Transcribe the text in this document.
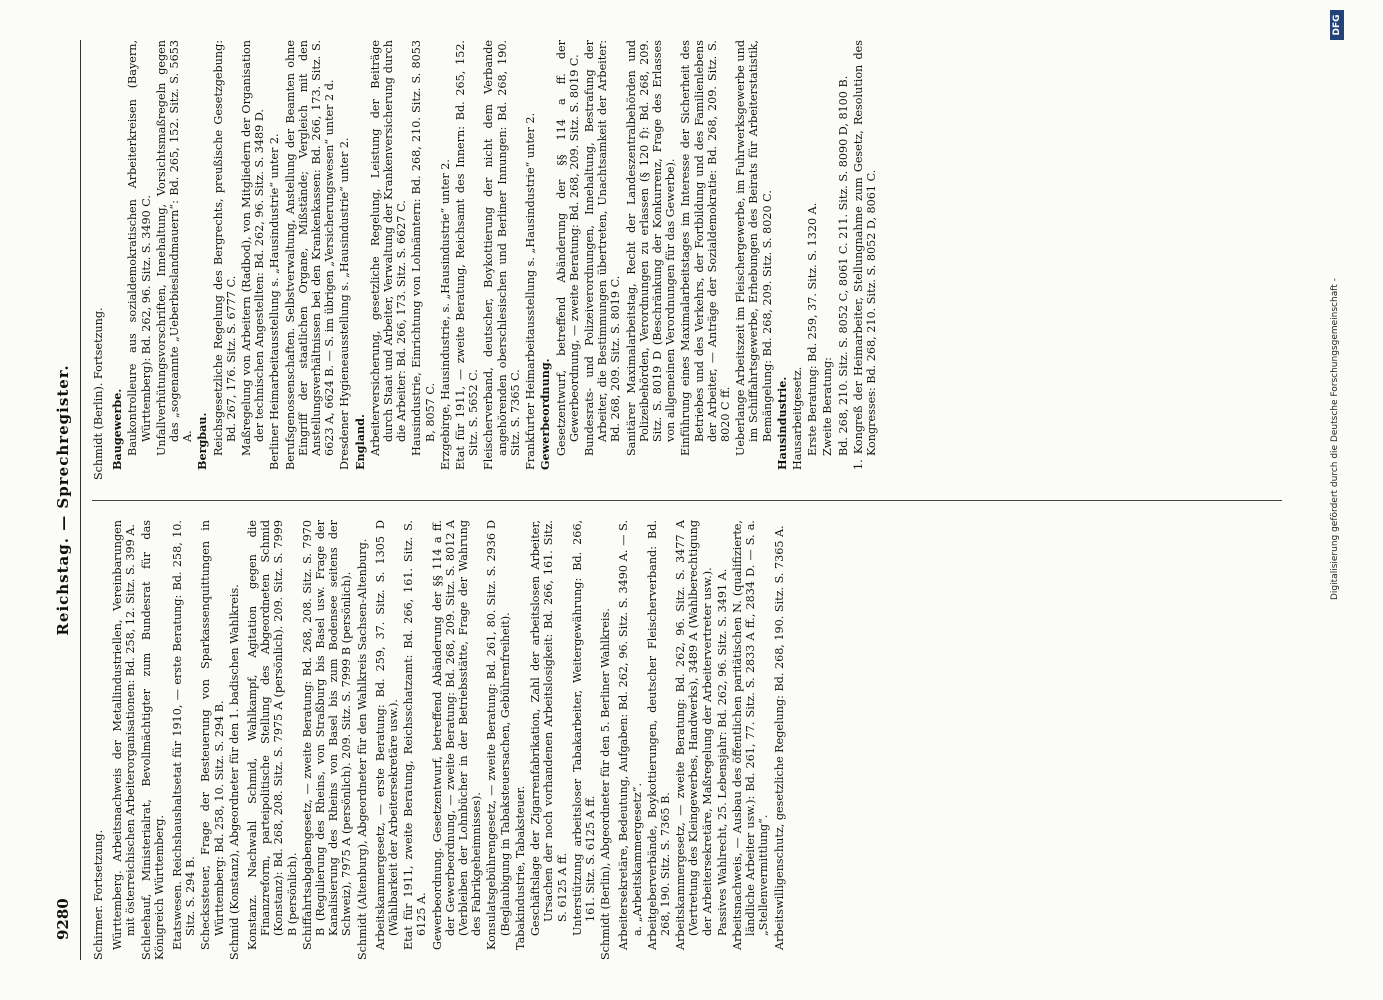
9280
Reichstag. — Sprechregister.
Schirmer. Fortsetzung. Württemberg. Arbeitsnachweis der Metallindustriellen, Vereinbarungen mit österreichischen Arbeiterorganisationen: Bd. 258, 12. Sitz. S. 399 A. Schleehauf, Ministerialrat, Bevollmächtigter zum Bundesrat für das Königreich Württemberg. Etatswesen. Reichshaushaltsetat für 1910, — erste Beratung: Bd. 258, 10. Sitz. S. 294 B. Scheckssteuer, Frage der Besteuerung von Sparkassenquittungen in Württemberg: Bd. 258, 10. Sitz. S. 294 B. Schmid (Konstanz), Abgeordneter für den 1. badischen Wahlkreis. Konstanz. Nachwahl Schmid, Wahlkampf, Agitation gegen die Finanzreform, parteipolitische Stellung des Abgeordneten Schmid (Konstanz): Bd. 268, 208. Sitz. S. 7975 A (persönlich). 209. Sitz. S. 7999 B (persönlich). Schiffahrtsabgabengesetz, — zweite Beratung: Bd. 268, 208. Sitz. S. 7970 B (Regulierung des Rheins, von Straßburg bis Basel usw. Frage der Kanalisierung des Rheins von Basel bis zum Bodensee seitens der Schweiz), 7975 A (persönlich). 209. Sitz. S. 7999 B (persönlich). Schmidt (Altenburg), Abgeordneter für den Wahlkreis Sachsen-Altenburg. Arbeitskammergesetz, — erste Beratung: Bd. 259, 37. Sitz. S. 1305 D (Wählbarkeit der Arbeitersekretäre usw.). Etat für 1911, zweite Beratung, Reichsschatzamt: Bd. 266, 161. Sitz. S. 6125 A. Gewerbeordnung. Gesetzentwurf, betreffend Abänderung der §§ 114 a ff. der Gewerbeordnung, — zweite Beratung: Bd. 268, 209. Sitz. S. 8012 A (Verbleiben der Lohnbücher in der Betriebsstätte, Frage der Wahrung des Fabrikgeheimnisses). Konsulatsgebührengesetz, — zweite Beratung: Bd. 261, 80. Sitz. S. 2936 D (Beglaubigung in Tabaksteuersachen, Gebührenfreiheit). Tabakindustrie, Tabaksteuer. Geschäftslage der Zigarrenfabrikation, Zahl der arbeitslosen Arbeiter, Ursachen der noch vorhandenen Arbeitslosigkeit: Bd. 266, 161. Sitz. S. 6125 A ff. Unterstützung arbeitsloser Tabakarbeiter, Weitergewährung: Bd. 266, 161. Sitz. S. 6125 A ff. Schmidt (Berlin), Abgeordneter für den 5. Berliner Wahlkreis. Arbeitersekretäre, Bedeutung, Aufgaben: Bd. 262, 96. Sitz. S. 3490 A. — S. a. „Arbeitskammergesetz“. Arbeitgeberverbände, Boykottierungen, deutscher Fleischerverband: Bd. 268, 190. Sitz. S. 7365 B. Arbeitskammergesetz, — zweite Beratung: Bd. 262, 96. Sitz. S. 3477 A (Vertretung des Kleingewerbes, Handwerks), 3489 A (Wahlberechtigung der Arbeitersekretäre, Maßregelung der Arbeitervertreter usw.). Passives Wahlrecht, 25. Lebensjahr: Bd. 262, 96. Sitz. S. 3491 A. Arbeitsnachweis, — Ausbau des öffentlichen paritätischen N. (qualifizierte, ländliche Arbeiter usw.): Bd. 261, 77. Sitz. S. 2833 A ff., 2834 D. — S. a. „Stellenvermittlung“. Arbeitswilligenschutz, gesetzliche Regelung: Bd. 268, 190. Sitz. S. 7365 A.
Schmidt (Berlin). Fortsetzung. Baugewerbe. Baukontrolleure aus sozialdemokratischen Arbeiterkreisen (Bayern, Württemberg): Bd. 262, 96. Sitz. S. 3490 C. Unfallverhütungsvorschriften, Innehaltung, Vorsichtsmaßregeln gegen das „sogenannte „Ueberbieslandmauern“: Bd. 265, 152. Sitz. S. 5653 A. Bergbau. Reichsgesetzliche Regelung des Bergrechts, preußische Gesetzgebung: Bd. 267, 176. Sitz. S. 6777 C. Maßregelung von Arbeitern (Radbod), von Mitgliedern der Organisation der technischen Angestellten: Bd. 262, 96. Sitz. S. 3489 D. Berliner Heimarbeitausstellung s. „Hausindustrie“ unter 2. Berufsgenossenschaften. Selbstverwaltung, Anstellung der Beamten ohne Eingriff der staatlichen Organe, Mißstände; Vergleich mit den Anstellungsverhältnissen bei den Krankenkassen: Bd. 266, 173. Sitz. S. 6623 A, 6624 B. — S. im übrigen „Versicherungswesen“ unter 2 d. Dresdener Hygieneausstellung s. „Hausindustrie“ unter 2. England. Arbeiterversicherung, gesetzliche Regelung, Leistung der Beiträge durch Staat und Arbeiter, Verwaltung der Krankenversicherung durch die Arbeiter: Bd. 266, 173. Sitz. S. 6627 C. Hausindustrie, Einrichtung von Lohnämtern: Bd. 268, 210. Sitz. S. 8053 B, 8057 C. Erzgebirge, Hausindustrie, s. „Hausindustrie“ unter 2. Etat für 1911, — zweite Beratung, Reichsamt des Innern: Bd. 265, 152. Sitz. S. 5652 C. Fleischerverband, deutscher, Boykottierung der nicht dem Verbande angehörenden oberschlesischen und Berliner Innungen: Bd. 268, 190. Sitz. S. 7365 C. Frankfurter Heimarbeitausstellung s. „Hausindustrie“ unter 2. Gewerbeordnung. Gesetzentwurf, betreffend Abänderung der §§ 114 a ff. der Gewerbeordnung, — zweite Beratung: Bd. 268, 209. Sitz. S. 8019 C. Bundesrats- und Polizeiverordnungen, Innehaltung, Bestrafung der Arbeiter, die Bestimmungen übertreten, Unachtsamkeit der Arbeiter: Bd. 268, 209. Sitz. S. 8019 C. Sanitärer Maximalarbeitstag, Recht der Landeszentralbehörden und Polizeibehörden, Verordnungen zu erlassen (§ 120 f): Bd. 268, 209. Sitz. S. 8019 D (Beschränkung der Konkurrenz, Frage des Erlasses von allgemeinen Verordnungen für das Gewerbe). Einführung eines Maximalarbeitstages im Interesse der Sicherheit des Betriebes und des Verkehrs, der Fortbildung und des Familienlebens der Arbeiter, — Anträge der Sozialdemokratie: Bd. 268, 209. Sitz. S. 8020 C ff. Ueberlange Arbeitszeit im Fleischergewerbe, im Fuhrwerksgewerbe und im Schiffahrtsgewerbe, Erhebungen des Beirats für Arbeiterstatistik, Bemängelung: Bd. 268, 209. Sitz. S. 8020 C. Hausindustrie. Hausarbeitgesetz. Erste Beratung: Bd. 259, 37. Sitz. S. 1320 A. Zweite Beratung: Bd. 268, 210. Sitz. S. 8052 C, 8061 C. 211. Sitz. S. 8090 D, 8100 B. 1. Kongreß der Heimarbeiter, Stellungnahme zum Gesetz, Resolution des Kongresses: Bd. 268, 210. Sitz. S. 8052 D, 8061 C.	Digitalisierung gefördert durch die Deutsche Forschungsgemeinschaft -
DFG
